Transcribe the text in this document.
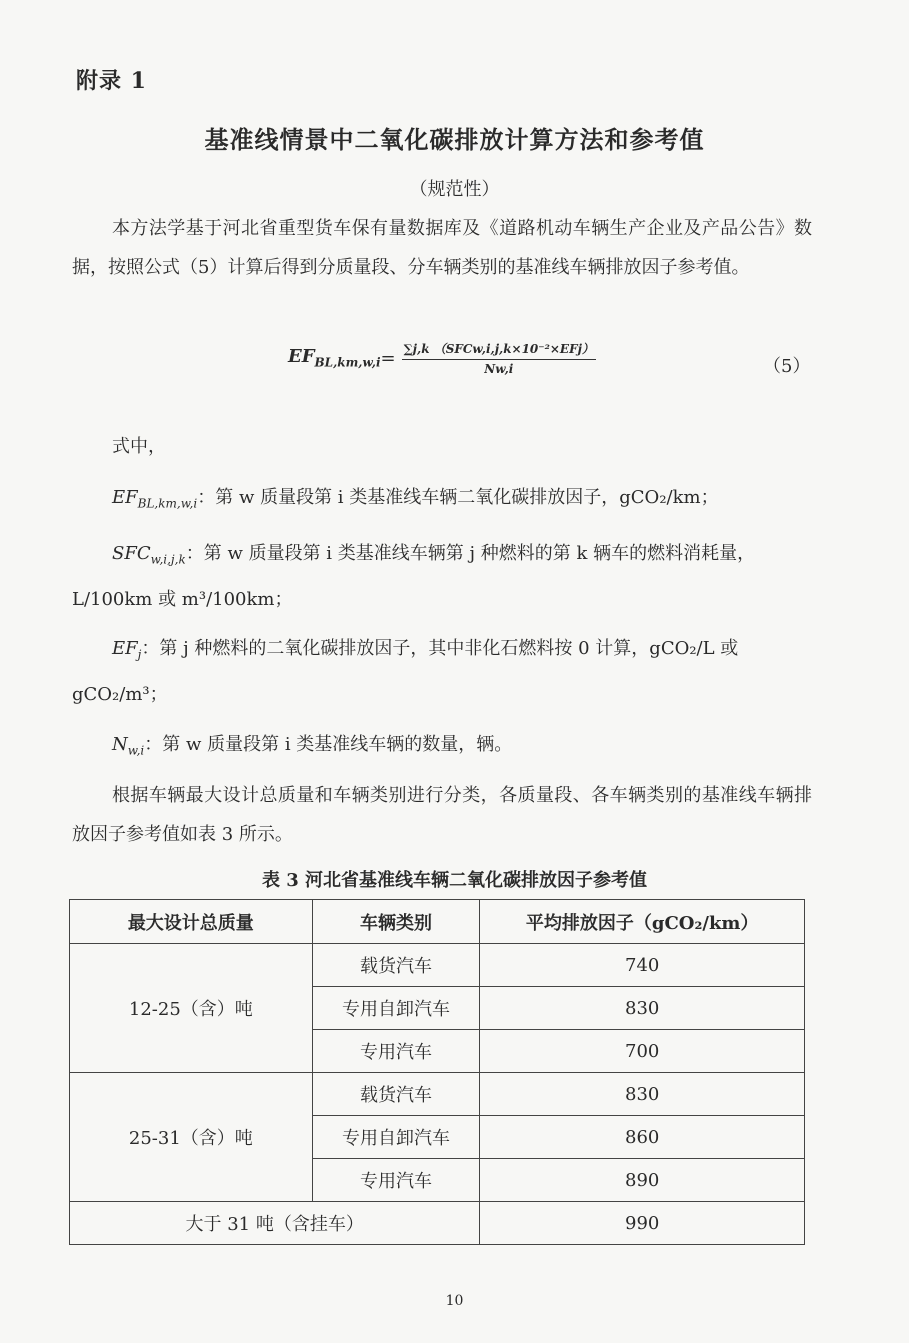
附录 1
基准线情景中二氧化碳排放计算方法和参考值
（规范性）

本方法学基于河北省重型货车保有量数据库及《道路机动车辆生产企业及产品公告》数据，按照公式（5）计算后得到分质量段、分车辆类别的基准线车辆排放因子参考值。

$EF_{BL,km,w,i} = \frac{\text{∑j,k （SFCw,i,j,k×10⁻²×EFj）}}{Nw,i}$	（5）
式中，

$EF_{BL,km,w,i}$：第 w 质量段第 i 类基准线车辆二氧化碳排放因子，gCO₂/km；

$SFC_{w,i,j,k}$：第 w 质量段第 i 类基准线车辆第 j 种燃料的第 k 辆车的燃料消耗量，L/100km 或 m³/100km；

$EF_j$：第 j 种燃料的二氧化碳排放因子，其中非化石燃料按 0 计算，gCO₂/L 或 gCO₂/m³；

$N_{w,i}$：第 w 质量段第 i 类基准线车辆的数量，辆。

根据车辆最大设计总质量和车辆类别进行分类，各质量段、各车辆类别的基准线车辆排放因子参考值如表 3 所示。

表 3 河北省基准线车辆二氧化碳排放因子参考值
最大设计总质量	车辆类别	平均排放因子（gCO₂/km）
12-25（含）吨	载货汽车	740
	专用自卸汽车	830
	专用汽车	700
25-31（含）吨	载货汽车	830
	专用自卸汽车	860
	专用汽车	890
大于 31 吨（含挂车）		990
10
